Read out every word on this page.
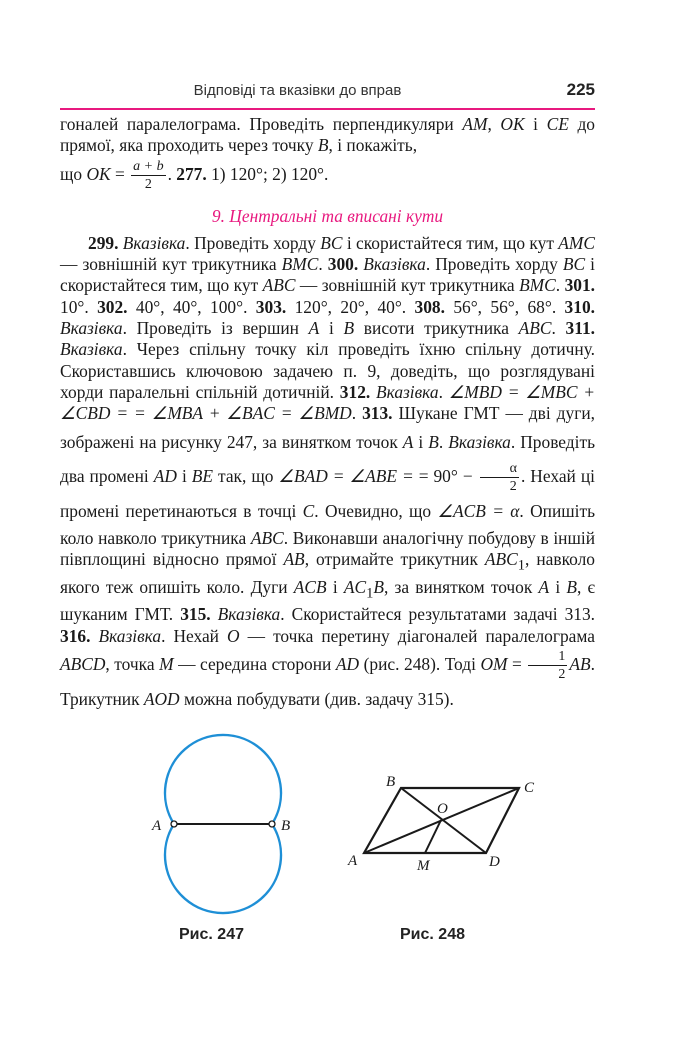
Відповіді та вказівки до вправ	225

гоналей паралелограма. Проведіть перпендикуляри AM, OK і CE до прямої, яка проходить через точку B, і покажіть,
що OK = $\frac{a + b}{2}$ . 277. 1) 120°; 2) 120°.

9. Центральні та вписані кути

299. Вказівка. Проведіть хорду BC і скористайтеся тим, що кут AMC — зовнішній кут трикутника BMC. 300. Вказівка. Проведіть хорду BC і скористайтеся тим, що кут ABC — зовнішній кут трикутника BMC. 301. 10°. 302. 40°, 40°, 100°. 303. 120°, 20°, 40°. 308. 56°, 56°, 68°. 310. Вказівка. Проведіть із вершин A і B висоти трикутника ABC. 311. Вказівка. Через спільну точку кіл проведіть їхню спільну дотичну. Скориставшись ключовою задачею п. 9, доведіть, що розглядувані хорди паралельні спільній дотичній. 312. Вказівка. ∠MBD = ∠MBC + ∠CBD = = ∠MBA + ∠BAC = ∠BMD. 313. Шукане ГМТ — дві дуги, зображені на рисунку 247, за винятком точок A і B. Вказівка. Проведіть два промені AD і BE так, що ∠BAD = ∠ABE = = $90^\circ - \frac{\alpha}{2}$ . Нехай ці промені перетинаються в точці C. Очевидно, що ∠ACB = α. Опишіть коло навколо трикутника ABC. Виконавши аналогічну побудову в іншій півплощині відносно прямої AB, отримайте трикутник $ABC_1$, навколо якого теж опишіть коло. Дуги ACB і $AC_1B$, за винятком точок A і B, є шуканим ГМТ. 315. Вказівка. Скористайтеся результатами задачі 313. 316. Вказівка. Нехай O — точка перетину діагоналей паралелограма ABCD, точка M — середина сторони AD (рис. 248). Тоді OM = $\frac{1}{2}$ AB. Трикутник AOD можна побудувати (див. задачу 315).

A	B
B	C
A	D
O
M
Рис. 247	Рис. 248
